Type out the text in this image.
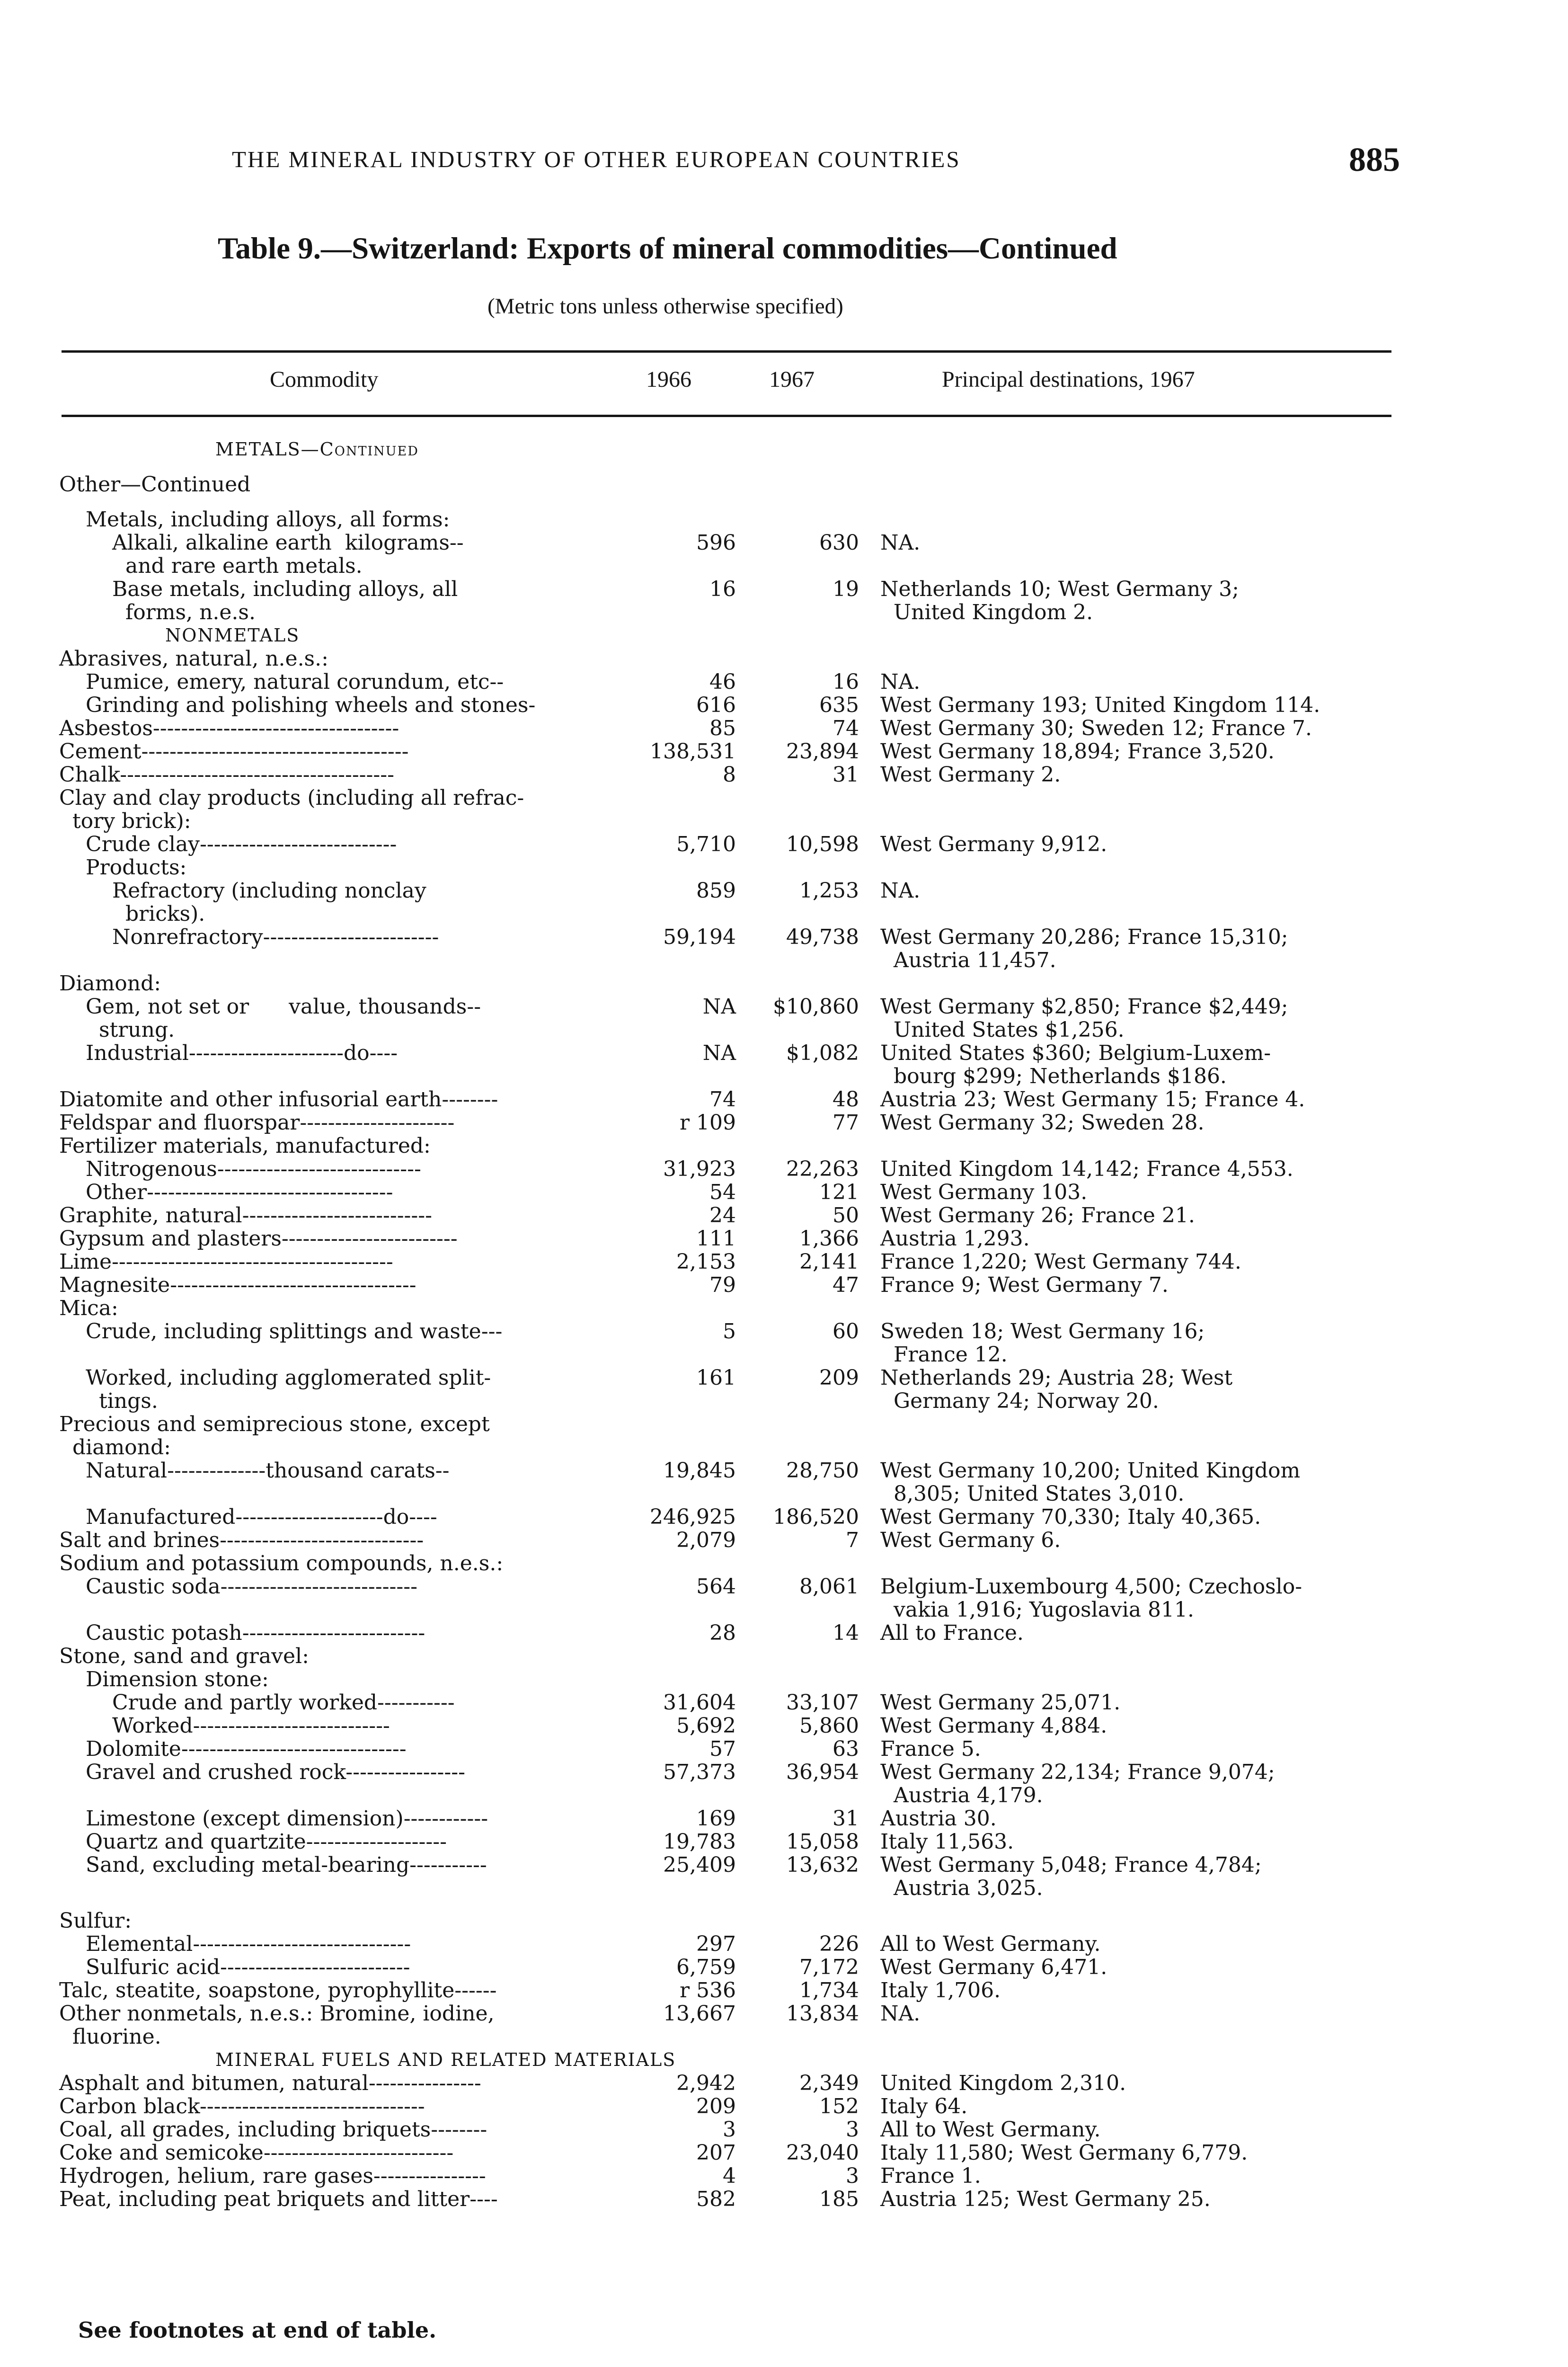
THE MINERAL INDUSTRY OF OTHER EUROPEAN COUNTRIES	885
Table 9.—Switzerland: Exports of mineral commodities—Continued
(Metric tons unless otherwise specified)
Commodity	1966	1967	Principal destinations, 1967
METALS—Continued
Other—Continued
Metals, including alloys, all forms:
Alkali, alkaline earth  kilograms--
and rare earth metals.
596	630 NA.
Base metals, including alloys, all
forms, n.e.s.
16	19 Netherlands 10; West Germany 3;
United Kingdom 2.
NONMETALS
Abrasives, natural, n.e.s.:
Pumice, emery, natural corundum, etc--	46	16 NA.
Grinding and polishing wheels and stones-	616	635 West Germany 193; United Kingdom 114.
Asbestos-----------------------------------	85	74 West Germany 30; Sweden 12; France 7.
Cement--------------------------------------	138,531	23,894 West Germany 18,894; France 3,520.
Chalk---------------------------------------	8	31 West Germany 2.
Clay and clay products (including all refrac-
tory brick):
Crude clay----------------------------	5,710	10,598 West Germany 9,912.
Products:
Refractory (including nonclay
bricks).
859	1,253 NA.
Nonrefractory-------------------------	59,194	49,738 West Germany 20,286; France 15,310;
Austria 11,457.
Diamond:
Gem, not set or      value, thousands--
strung.
NA	$10,860 West Germany $2,850; France $2,449;
United States $1,256.
Industrial----------------------do----	NA	$1,082 United States $360; Belgium-Luxem-
bourg $299; Netherlands $186.
Diatomite and other infusorial earth--------	74	48 Austria 23; West Germany 15; France 4.
Feldspar and fluorspar----------------------	r 109	77 West Germany 32; Sweden 28.
Fertilizer materials, manufactured:
Nitrogenous-----------------------------	31,923	22,263 United Kingdom 14,142; France 4,553.
Other-----------------------------------	54	121 West Germany 103.
Graphite, natural---------------------------	24	50 West Germany 26; France 21.
Gypsum and plasters-------------------------	111	1,366 Austria 1,293.
Lime----------------------------------------	2,153	2,141 France 1,220; West Germany 744.
Magnesite-----------------------------------	79	47 France 9; West Germany 7.
Mica:
Crude, including splittings and waste---	5	60 Sweden 18; West Germany 16;
France 12.
Worked, including agglomerated split-
tings.
161	209 Netherlands 29; Austria 28; West
Germany 24; Norway 20.
Precious and semiprecious stone, except
diamond:
Natural--------------thousand carats--	19,845	28,750 West Germany 10,200; United Kingdom
8,305; United States 3,010.
Manufactured---------------------do----	246,925	186,520 West Germany 70,330; Italy 40,365.
Salt and brines-----------------------------	2,079	7 West Germany 6.
Sodium and potassium compounds, n.e.s.:
Caustic soda----------------------------	564	8,061 Belgium-Luxembourg 4,500; Czechoslo-
vakia 1,916; Yugoslavia 811.
Caustic potash--------------------------	28	14 All to France.
Stone, sand and gravel:
Dimension stone:
Crude and partly worked-----------	31,604	33,107 West Germany 25,071.
Worked----------------------------	5,692	5,860 West Germany 4,884.
Dolomite--------------------------------	57	63 France 5.
Gravel and crushed rock-----------------	57,373	36,954 West Germany 22,134; France 9,074;
Austria 4,179.
Limestone (except dimension)------------	169	31 Austria 30.
Quartz and quartzite--------------------	19,783	15,058 Italy 11,563.
Sand, excluding metal-bearing-----------	25,409	13,632 West Germany 5,048; France 4,784;
Austria 3,025.
Sulfur:
Elemental-------------------------------	297	226 All to West Germany.
Sulfuric acid---------------------------	6,759	7,172 West Germany 6,471.
Talc, steatite, soapstone, pyrophyllite------	r 536	1,734 Italy 1,706.
Other nonmetals, n.e.s.: Bromine, iodine,
fluorine.
13,667	13,834 NA.
MINERAL FUELS AND RELATED MATERIALS
Asphalt and bitumen, natural----------------	2,942	2,349 United Kingdom 2,310.
Carbon black--------------------------------	209	152 Italy 64.
Coal, all grades, including briquets--------	3	3 All to West Germany.
Coke and semicoke---------------------------	207	23,040 Italy 11,580; West Germany 6,779.
Hydrogen, helium, rare gases----------------	4	3 France 1.
Peat, including peat briquets and litter----	582	185 Austria 125; West Germany 25.
See footnotes at end of table.
